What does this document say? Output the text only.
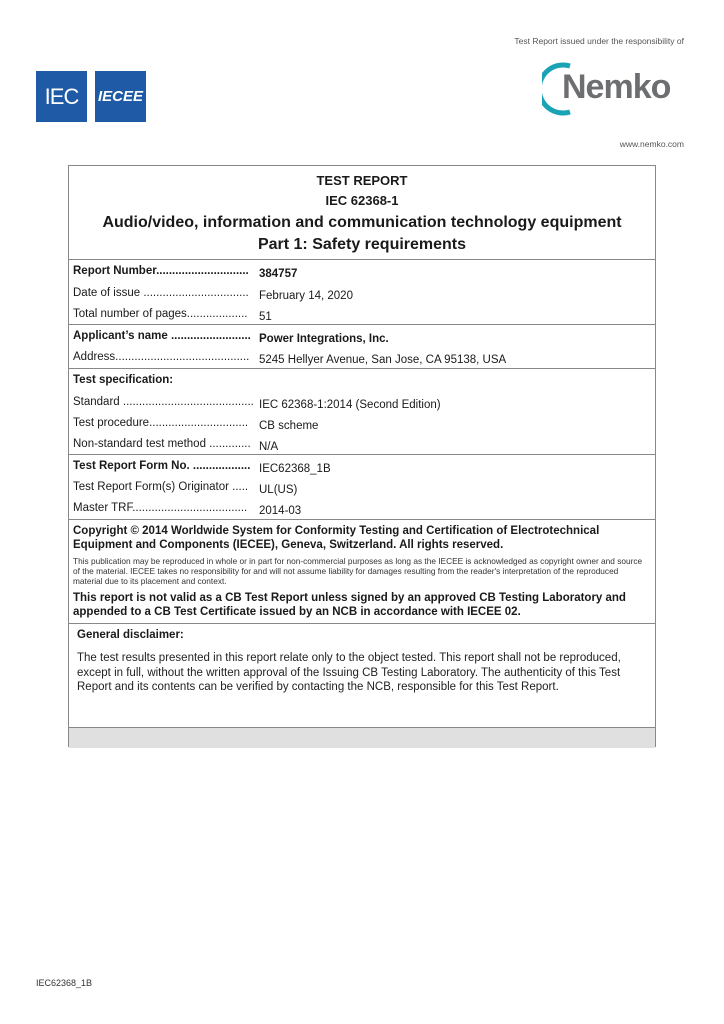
Test Report issued under the responsibility of
IEC	IECEE	Nemko
www.nemko.com
TEST REPORT
IEC 62368-1
Audio/video, information and communication technology equipment
Part 1: Safety requirements
Report Number............................. 384757
Date of issue ................................. February 14, 2020
Total number of pages................... 51
Applicant’s name ......................... Power Integrations, Inc.
Address.......................................... 5245 Hellyer Avenue, San Jose, CA 95138, USA
Test specification:
Standard ......................................... IEC 62368-1:2014 (Second Edition)
Test procedure............................... CB scheme
Non-standard test method ............. N/A
Test Report Form No. .................. IEC62368_1B
Test Report Form(s) Originator ..... UL(US)
Master TRF.................................... 2014-03
Copyright © 2014 Worldwide System for Conformity Testing and Certification of Electrotechnical Equipment and Components (IECEE), Geneva, Switzerland. All rights reserved.
This publication may be reproduced in whole or in part for non-commercial purposes as long as the IECEE is acknowledged as copyright owner and source of the material. IECEE takes no responsibility for and will not assume liability for damages resulting from the reader's interpretation of the reproduced material due to its placement and context.
This report is not valid as a CB Test Report unless signed by an approved CB Testing Laboratory and appended to a CB Test Certificate issued by an NCB in accordance with IECEE 02.
General disclaimer:
The test results presented in this report relate only to the object tested. This report shall not be reproduced, except in full, without the written approval of the Issuing CB Testing Laboratory. The authenticity of this Test Report and its contents can be verified by contacting the NCB, responsible for this Test Report.
IEC62368_1B
